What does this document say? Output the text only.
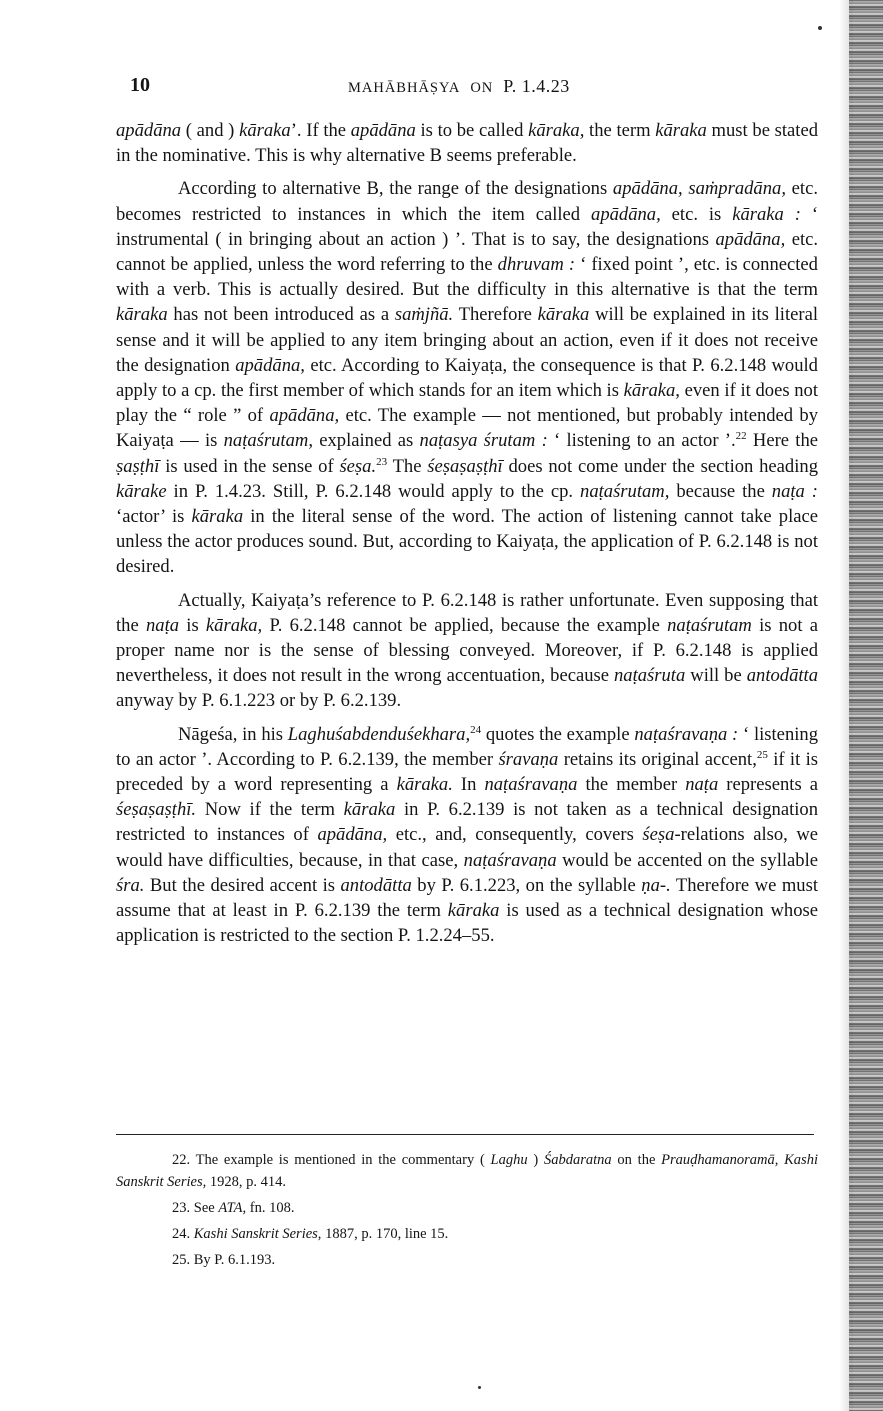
10	MAHĀBHĀṢYA ON P. 1.4.23

apādāna ( and ) kāraka’. If the apādāna is to be called kāraka, the term kāraka must be stated in the nominative. This is why alternative B seems preferable.

According to alternative B, the range of the designations apādāna, saṁpradāna, etc. becomes restricted to instances in which the item called apādāna, etc. is kāraka : ‘ instrumental ( in bringing about an action ) ’. That is to say, the designations apādāna, etc. cannot be applied, unless the word referring to the dhruvam : ‘ fixed point ’, etc. is connected with a verb. This is actually desired. But the difficulty in this alternative is that the term kāraka has not been introduced as a saṁjñā. Therefore kāraka will be explained in its literal sense and it will be applied to any item bringing about an action, even if it does not receive the designation apādāna, etc. According to Kaiyaṭa, the consequence is that P. 6.2.148 would apply to a cp. the first member of which stands for an item which is kāraka, even if it does not play the “ role ” of apādāna, etc. The example — not mentioned, but probably intended by Kaiyaṭa — is naṭaśrutam, explained as naṭasya śrutam : ‘ listening to an actor ’.$^{22}$ Here the ṣaṣṭhī is used in the sense of śeṣa.$^{23}$ The śeṣaṣaṣṭhī does not come under the section heading kārake in P. 1.4.23. Still, P. 6.2.148 would apply to the cp. naṭaśrutam, because the naṭa : ‘actor’ is kāraka in the literal sense of the word. The action of listening cannot take place unless the actor produces sound. But, according to Kaiyaṭa, the application of P. 6.2.148 is not desired.

Actually, Kaiyaṭa’s reference to P. 6.2.148 is rather unfortunate. Even supposing that the naṭa is kāraka, P. 6.2.148 cannot be applied, because the example naṭaśrutam is not a proper name nor is the sense of blessing conveyed. Moreover, if P. 6.2.148 is applied nevertheless, it does not result in the wrong accentuation, because naṭaśruta will be antodātta anyway by P. 6.1.223 or by P. 6.2.139.

Nāgeśa, in his Laghuśabdenduśekhara,$^{24}$ quotes the example naṭaśravaṇa : ‘ listening to an actor ’. According to P. 6.2.139, the member śravaṇa retains its original accent,$^{25}$ if it is preceded by a word representing a kāraka. In naṭaśravaṇa the member naṭa represents a śeṣaṣaṣṭhī. Now if the term kāraka in P. 6.2.139 is not taken as a technical designation restricted to instances of apādāna, etc., and, consequently, covers śeṣa-relations also, we would have difficulties, because, in that case, naṭaśravaṇa would be accented on the syllable śra. But the desired accent is antodātta by P. 6.1.223, on the syllable ṇa-. Therefore we must assume that at least in P. 6.2.139 the term kāraka is used as a technical designation whose application is restricted to the section P. 1.2.24–55.

22. The example is mentioned in the commentary ( Laghu ) Śabdaratna on the Prauḍhamanoramā, Kashi Sanskrit Series, 1928, p. 414.

23. See ATA, fn. 108.

24. Kashi Sanskrit Series, 1887, p. 170, line 15.

25. By P. 6.1.193.
